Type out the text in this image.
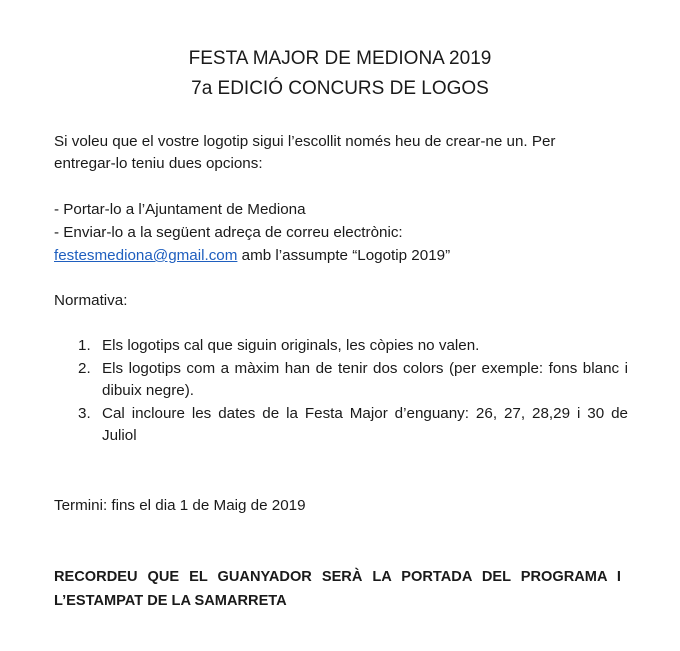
FESTA MAJOR DE MEDIONA 2019
7a EDICIÓ CONCURS DE LOGOS
Si voleu que el vostre logotip sigui l’escollit només heu de crear-ne un. Per
entregar-lo teniu dues opcions:
- Portar-lo a l’Ajuntament de Mediona
- Enviar-lo a la següent adreça de correu electrònic:
festesmediona@gmail.com amb l’assumpte “Logotip 2019”
Normativa:
1. Els logotips cal que siguin originals, les còpies no valen.
2. Els logotips com a màxim han de tenir dos colors (per exemple: fons blanc i dibuix negre).
3. Cal incloure les dates de la Festa Major d’enguany: 26, 27, 28,29 i 30 de Juliol
Termini: fins el dia 1 de Maig de 2019
RECORDEU QUE EL GUANYADOR SERÀ LA PORTADA DEL PROGRAMA I L’ESTAMPAT DE LA SAMARRETA
